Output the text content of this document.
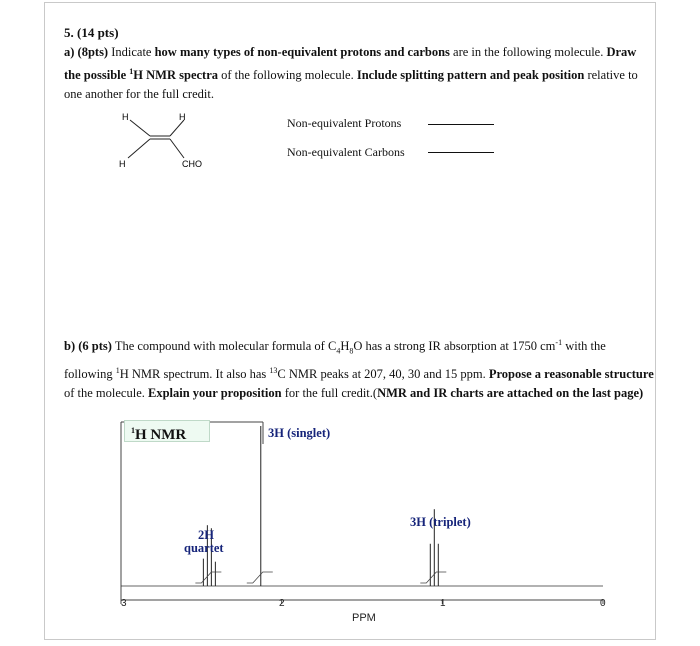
5. (14 pts)
a) (8pts) Indicate how many types of non-equivalent protons and carbons are in the following molecule. Draw the possible $^1$H NMR spectra of the following molecule. Include splitting pattern and peak position relative to one another for the full credit.
H	H
H	CHO
Non-equivalent Protons
Non-equivalent Carbons
b) (6 pts) The compound with molecular formula of $C_4H_8O$ has a strong IR absorption at 1750 $cm^{-1}$ with the following $^1$H NMR spectrum. It also has $^{13}$C NMR peaks at 207, 40, 30 and 15 ppm. Propose a reasonable structure of the molecule. Explain your proposition for the full credit.(NMR and IR charts are attached on the last page)
$^1$H NMR	3H (singlet)
3H (triplet)
2H
quartet
3	2	1	0
PPM
